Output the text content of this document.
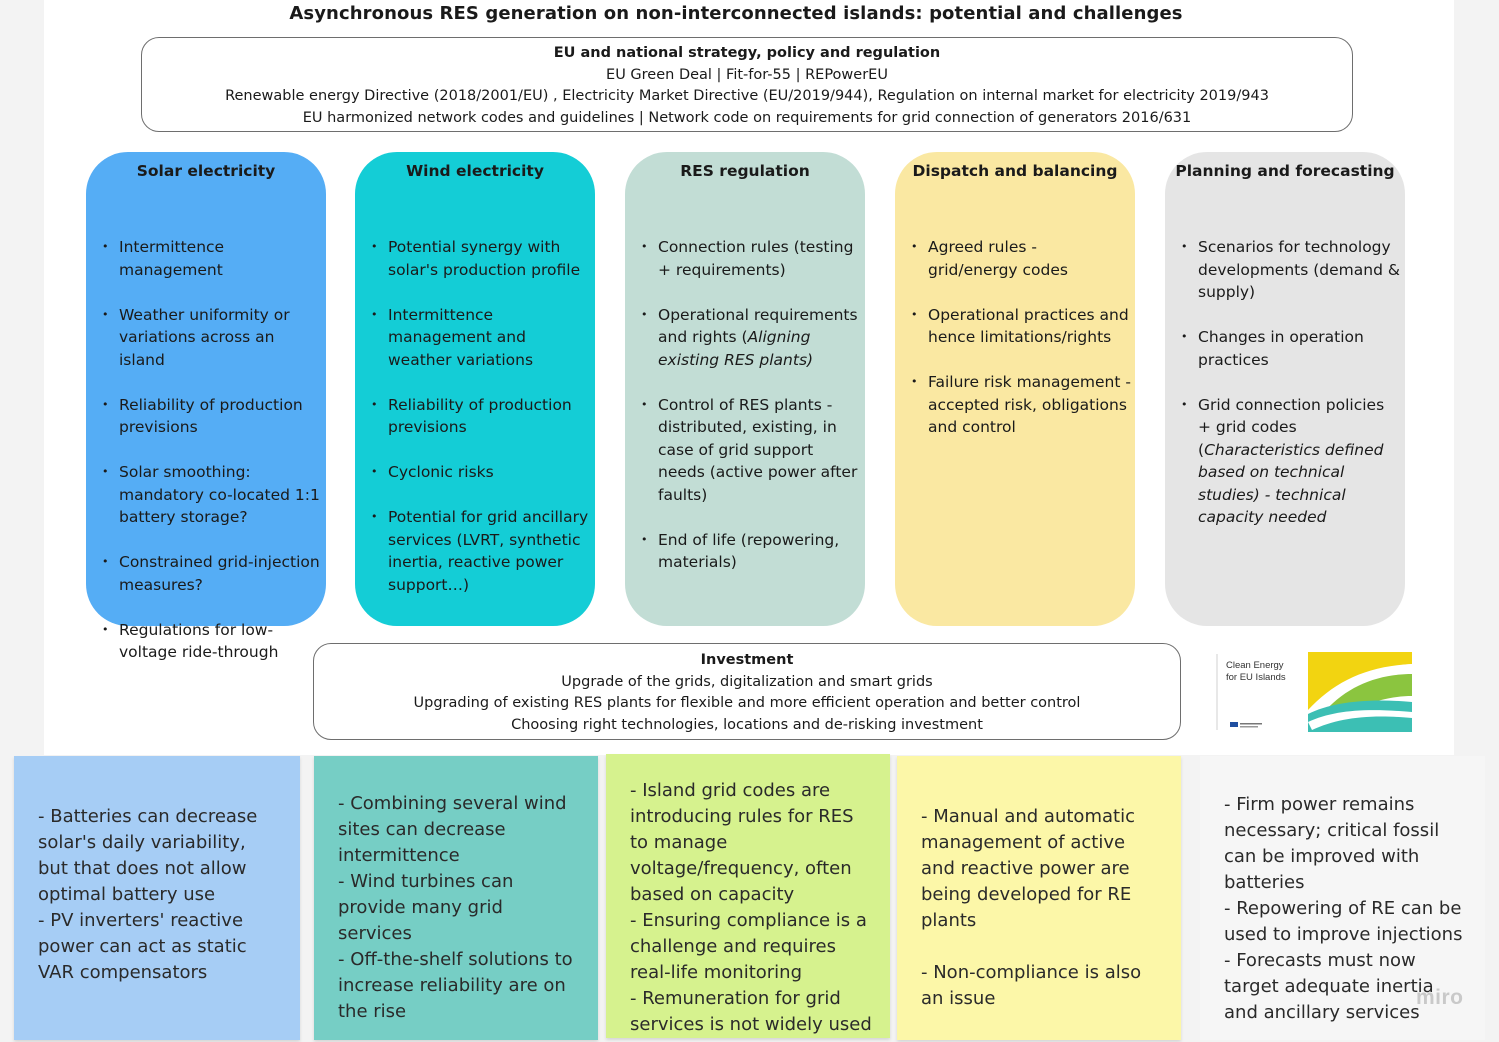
Asynchronous RES generation on non-interconnected islands: potential and challenges
EU and national strategy, policy and regulation
EU Green Deal | Fit-for-55 | REPowerEU
Renewable energy Directive (2018/2001/EU) , Electricity Market Directive (EU/2019/944), Regulation on internal market for electricity 2019/943
EU harmonized network codes and guidelines | Network code on requirements for grid connection of generators 2016/631
Solar electricity
• Intermittence management
• Weather uniformity or variations across an island
• Reliability of production previsions
• Solar smoothing: mandatory co-located 1:1 battery storage?
• Constrained grid-injection measures?
• Regulations for low-voltage ride-through
Wind electricity
• Potential synergy with solar's production profile
• Intermittence management and weather variations
• Reliability of production previsions
• Cyclonic risks
• Potential for grid ancillary services (LVRT, synthetic inertia, reactive power support…)
RES regulation
• Connection rules (testing + requirements)
• Operational requirements and rights (Aligning existing RES plants)
• Control of RES plants - distributed, existing, in case of grid support needs (active power after faults)
• End of life (repowering, materials)
Dispatch and balancing
• Agreed rules - grid/energy codes
• Operational practices and hence limitations/rights
• Failure risk management - accepted risk, obligations and control
Planning and forecasting
• Scenarios for technology developments (demand & supply)
• Changes in operation practices
• Grid connection policies + grid codes (Characteristics defined based on technical studies) - technical capacity needed
Investment
Upgrade of the grids, digitalization and smart grids
Upgrading of existing RES plants for flexible and more efficient operation and better control
Choosing right technologies, locations and de-risking investment
Clean Energy
for EU Islands
- Batteries can decrease solar's daily variability, but that does not allow optimal battery use
- PV inverters' reactive power can act as static VAR compensators
- Combining several wind sites can decrease intermittence
- Wind turbines can provide many grid services
- Off-the-shelf solutions to increase reliability are on the rise
- Island grid codes are introducing rules for RES to manage voltage/frequency, often based on capacity
- Ensuring compliance is a challenge and requires real-life monitoring
- Remuneration for grid services is not widely used
- Manual and automatic management of active and reactive power are being developed for RE plants
- Non-compliance is also an issue
- Firm power remains necessary; critical fossil can be improved with batteries
- Repowering of RE can be used to improve injections
- Forecasts must now target adequate inertia and ancillary services
miro
